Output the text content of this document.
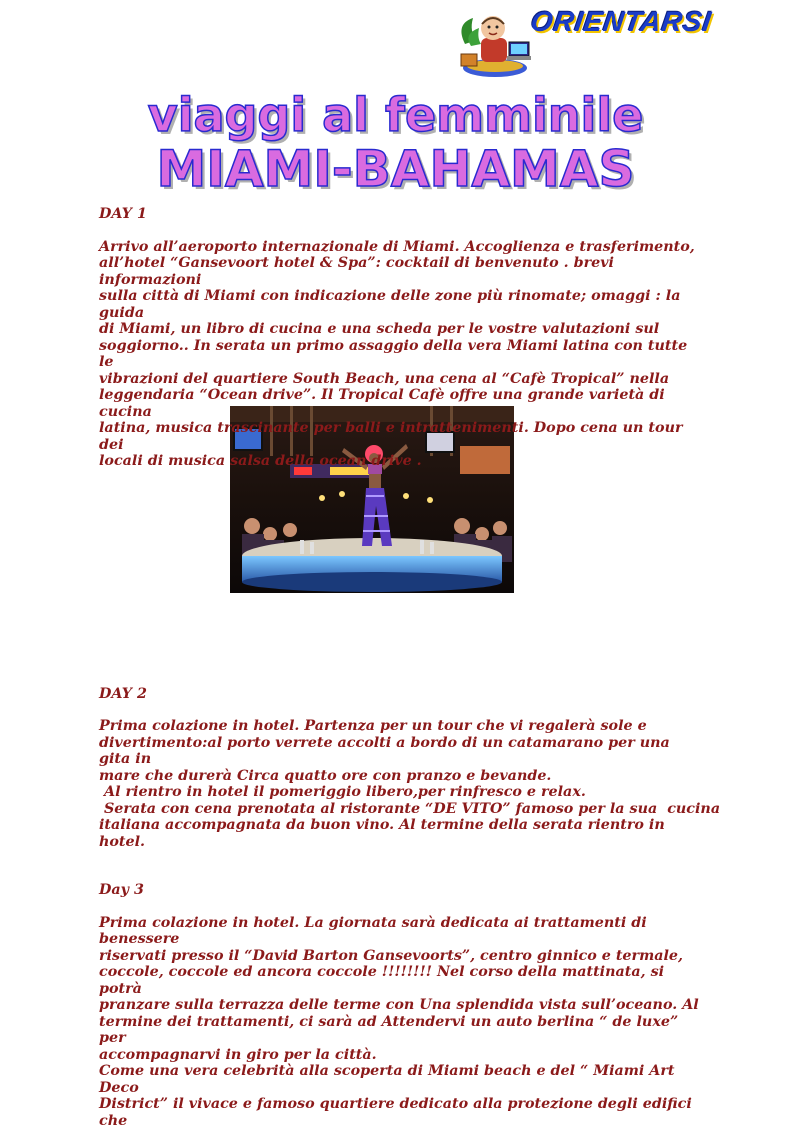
ORIENTARSI
viaggi al femminile
MIAMI-BAHAMAS

DAY 1

Arrivo all’aeroporto internazionale di Miami. Accoglienza e trasferimento,

all’hotel “Gansevoort hotel & Spa”: cocktail di benvenuto . brevi informazioni

sulla città di Miami con indicazione delle zone più rinomate; omaggi : la guida

di Miami, un libro di cucina e una scheda per le vostre valutazioni sul

soggiorno.. In serata un primo assaggio della vera Miami latina con tutte le

vibrazioni del quartiere South Beach, una cena al “Cafè Tropical” nella

leggendaria “Ocean drive”. Il Tropical Cafè offre una grande varietà di cucina

latina, musica trascinante per balli e intrattenimenti. Dopo cena un tour dei

locali di musica salsa della ocean drive .

DAY 2

Prima colazione in hotel. Partenza per un tour che vi regalerà sole e

divertimento:al porto verrete accolti a bordo di un catamarano per una gita in

mare che durerà Circa quatto ore con pranzo e bevande.

Al rientro in hotel il pomeriggio libero,per rinfresco e relax.

Serata con cena prenotata al ristorante “DE VITO” famoso per la sua  cucina

italiana accompagnata da buon vino. Al termine della serata rientro in hotel.

Day 3

Prima colazione in hotel. La giornata sarà dedicata ai trattamenti di benessere

riservati presso il “David Barton Gansevoorts”, centro ginnico e termale,

coccole, coccole ed ancora coccole !!!!!!!! Nel corso della mattinata, si potrà

pranzare sulla terrazza delle terme con Una splendida vista sull’oceano. Al

termine dei trattamenti, ci sarà ad Attendervi un auto berlina “ de luxe” per

accompagnarvi in giro per la città.

Come una vera celebrità alla scoperta di Miami beach e del “ Miami Art Deco

District” il vivace e famoso quartiere dedicato alla protezione degli edifici che
